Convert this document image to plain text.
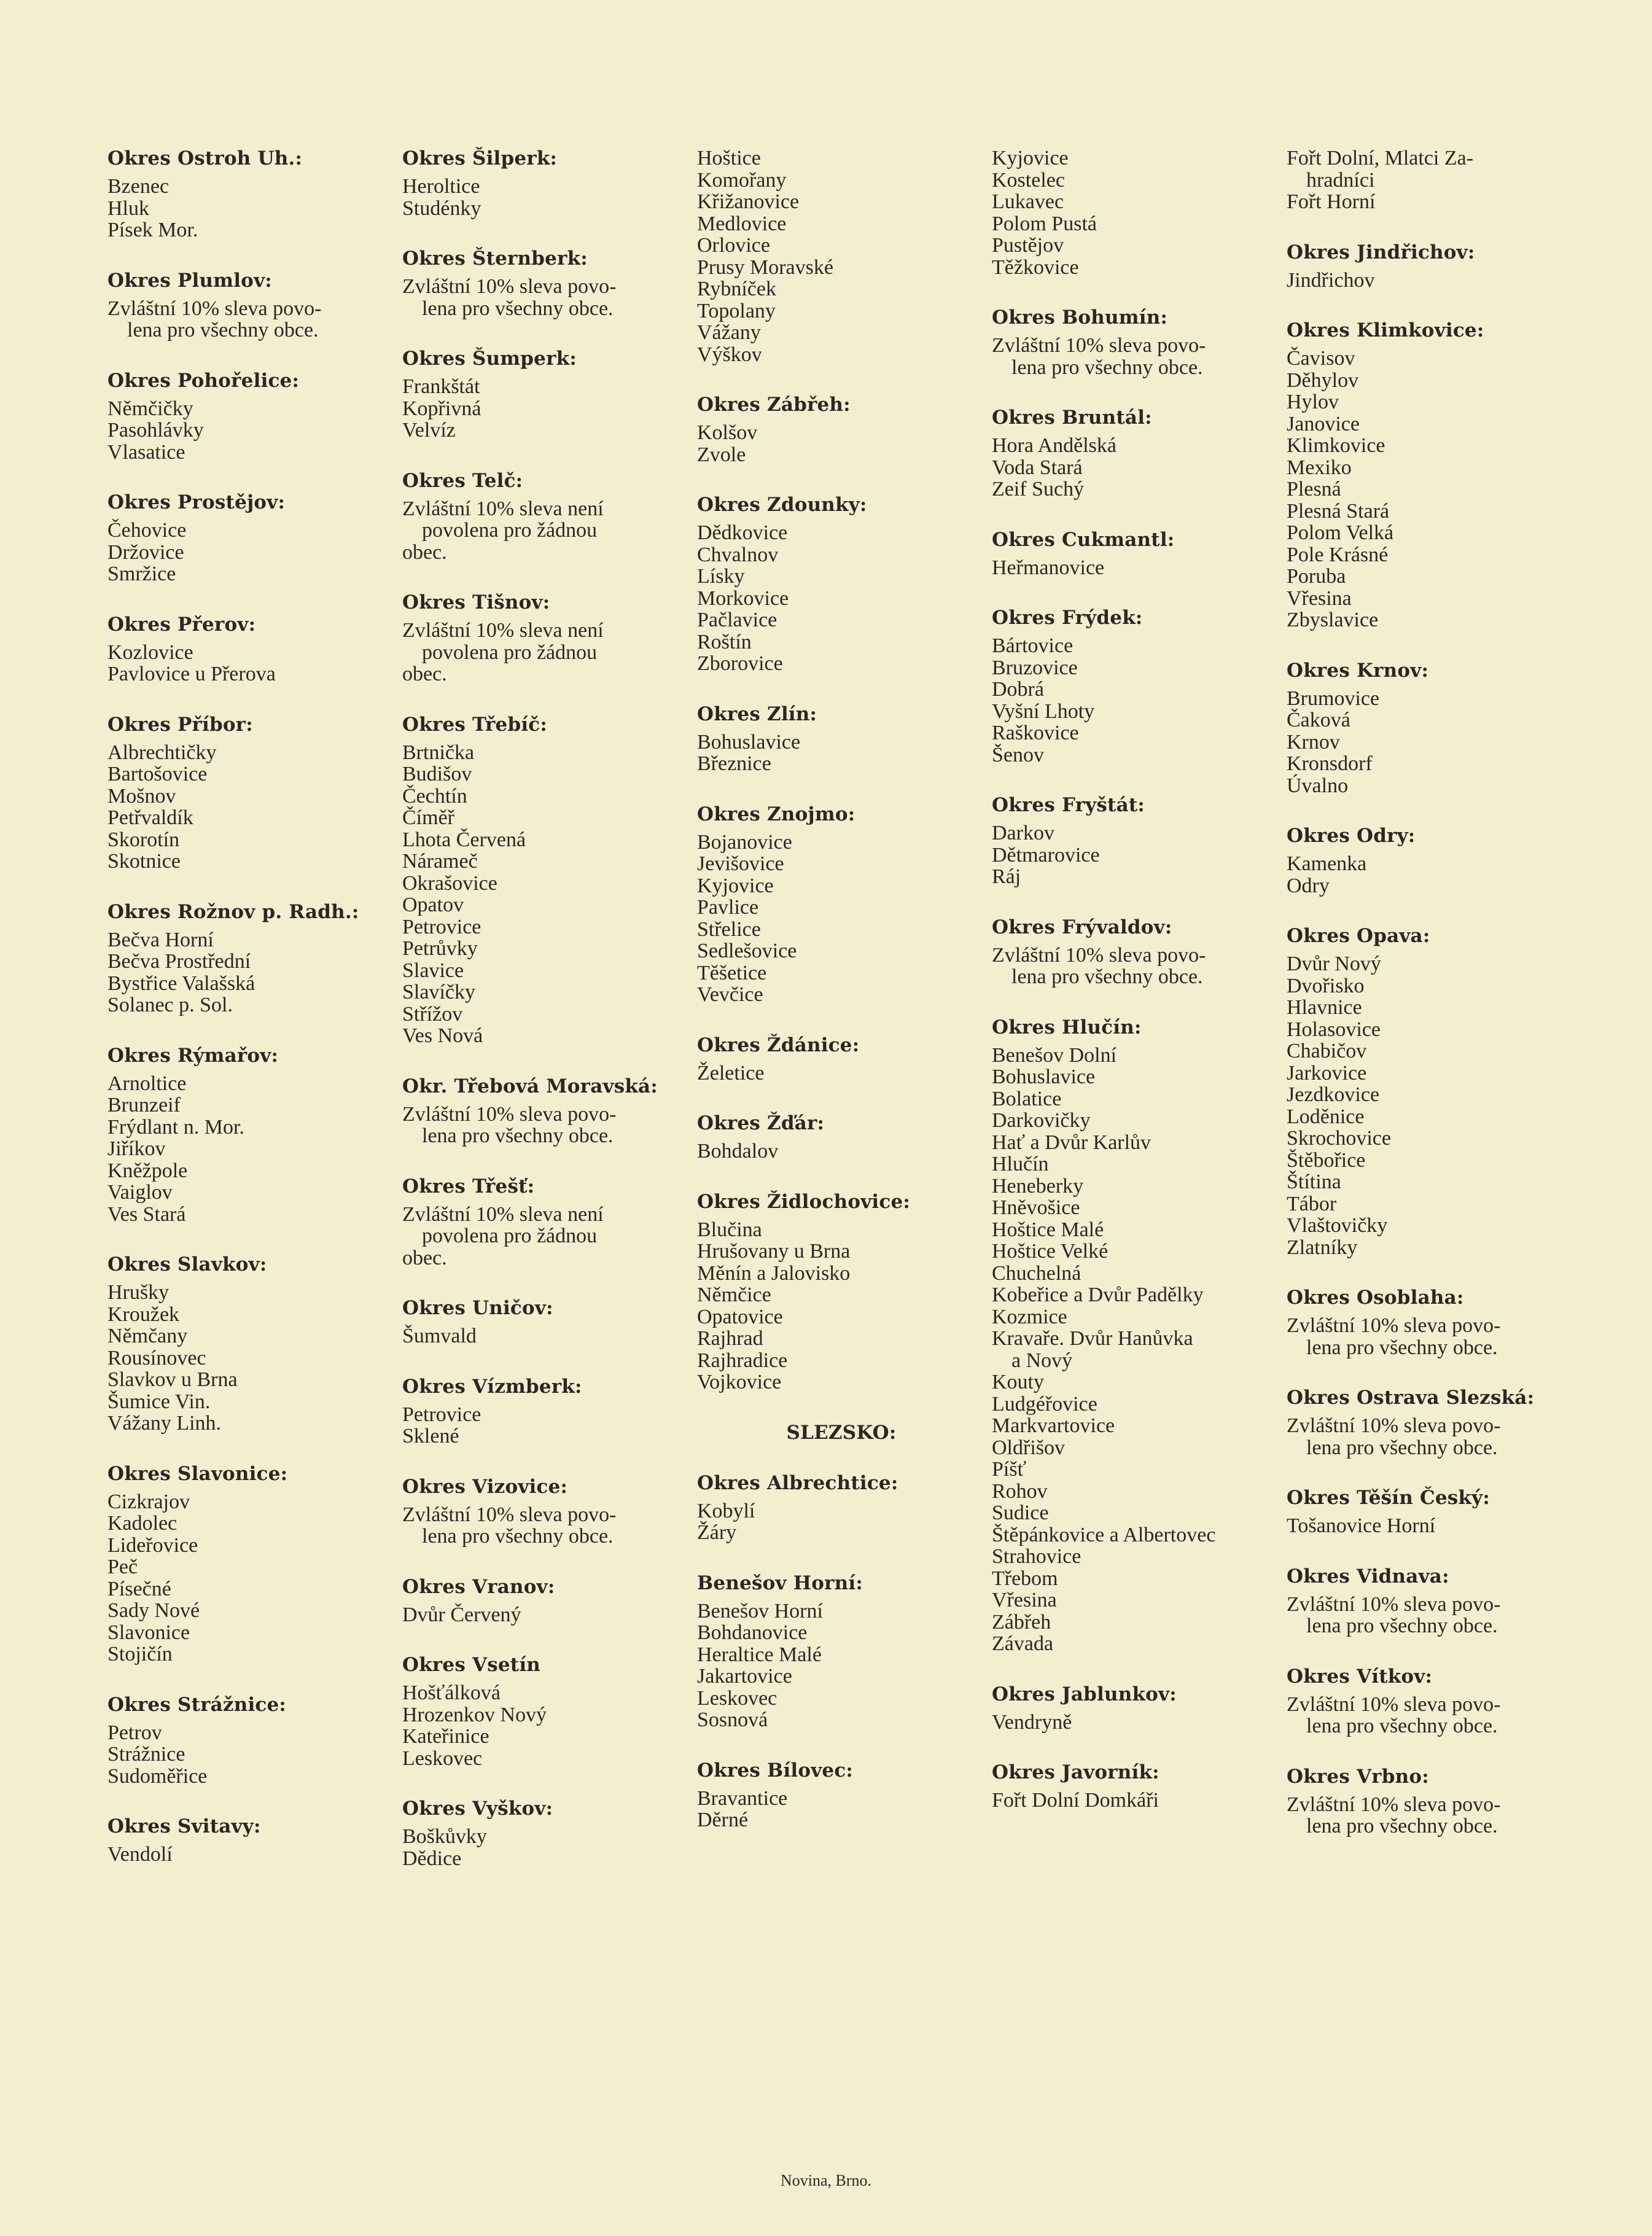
Okres Ostroh Uh.:
Bzenec
Hluk
Písek Mor.
Okres Plumlov:
Zvláštní 10% sleva povo-
lena pro všechny obce.
Okres Pohořelice:
Němčičky
Pasohlávky
Vlasatice
Okres Prostějov:
Čehovice
Držovice
Smržice
Okres Přerov:
Kozlovice
Pavlovice u Přerova
Okres Příbor:
Albrechtičky
Bartošovice
Mošnov
Petřvaldík
Skorotín
Skotnice
Okres Rožnov p. Radh.:
Bečva Horní
Bečva Prostřední
Bystřice Valašská
Solanec p. Sol.
Okres Rýmařov:
Arnoltice
Brunzeif
Frýdlant n. Mor.
Jiříkov
Kněžpole
Vaiglov
Ves Stará
Okres Slavkov:
Hrušky
Kroužek
Němčany
Rousínovec
Slavkov u Brna
Šumice Vin.
Vážany Linh.
Okres Slavonice:
Cizkrajov
Kadolec
Lideřovice
Peč
Písečné
Sady Nové
Slavonice
Stojičín
Okres Strážnice:
Petrov
Strážnice
Sudoměřice
Okres Svitavy:
Vendolí
Okres Šilperk:
Heroltice
Studénky
Okres Šternberk:
Zvláštní 10% sleva povo-
lena pro všechny obce.
Okres Šumperk:
Frankštát
Kopřivná
Velvíz
Okres Telč:
Zvláštní 10% sleva není
povolena pro žádnou
obec.
Okres Tišnov:
Zvláštní 10% sleva není
povolena pro žádnou
obec.
Okres Třebíč:
Brtnička
Budišov
Čechtín
Číměř
Lhota Červená
Nárameč
Okrašovice
Opatov
Petrovice
Petrůvky
Slavice
Slavíčky
Střížov
Ves Nová
Okr. Třebová Moravská:
Zvláštní 10% sleva povo-
lena pro všechny obce.
Okres Třešť:
Zvláštní 10% sleva není
povolena pro žádnou
obec.
Okres Uničov:
Šumvald
Okres Vízmberk:
Petrovice
Sklené
Okres Vizovice:
Zvláštní 10% sleva povo-
lena pro všechny obce.
Okres Vranov:
Dvůr Červený
Okres Vsetín
Hošťálková
Hrozenkov Nový
Kateřinice
Leskovec
Okres Vyškov:
Boškůvky
Dědice
Hoštice
Komořany
Křižanovice
Medlovice
Orlovice
Prusy Moravské
Rybníček
Topolany
Vážany
Výškov
Okres Zábřeh:
Kolšov
Zvole
Okres Zdounky:
Dědkovice
Chvalnov
Lísky
Morkovice
Pačlavice
Roštín
Zborovice
Okres Zlín:
Bohuslavice
Březnice
Okres Znojmo:
Bojanovice
Jevišovice
Kyjovice
Pavlice
Střelice
Sedlešovice
Těšetice
Vevčice
Okres Ždánice:
Želetice
Okres Žďár:
Bohdalov
Okres Židlochovice:
Blučina
Hrušovany u Brna
Měnín a Jalovisko
Němčice
Opatovice
Rajhrad
Rajhradice
Vojkovice
SLEZSKO:
Okres Albrechtice:
Kobylí
Žáry
Benešov Horní:
Benešov Horní
Bohdanovice
Heraltice Malé
Jakartovice
Leskovec
Sosnová
Okres Bílovec:
Bravantice
Děrné
Kyjovice
Kostelec
Lukavec
Polom Pustá
Pustějov
Těžkovice
Okres Bohumín:
Zvláštní 10% sleva povo-
lena pro všechny obce.
Okres Bruntál:
Hora Andělská
Voda Stará
Zeif Suchý
Okres Cukmantl:
Heřmanovice
Okres Frýdek:
Bártovice
Bruzovice
Dobrá
Vyšní Lhoty
Raškovice
Šenov
Okres Fryštát:
Darkov
Dětmarovice
Ráj
Okres Frývaldov:
Zvláštní 10% sleva povo-
lena pro všechny obce.
Okres Hlučín:
Benešov Dolní
Bohuslavice
Bolatice
Darkovičky
Hať a Dvůr Karlův
Hlučín
Heneberky
Hněvošice
Hoštice Malé
Hoštice Velké
Chuchelná
Kobeřice a Dvůr Padělky
Kozmice
Kravaře. Dvůr Hanůvka
a Nový
Kouty
Ludgéřovice
Markvartovice
Oldřišov
Píšť
Rohov
Sudice
Štěpánkovice a Albertovec
Strahovice
Třebom
Vřesina
Zábřeh
Závada
Okres Jablunkov:
Vendryně
Okres Javorník:
Fořt Dolní Domkáři
Fořt Dolní, Mlatci Za-
hradníci
Fořt Horní
Okres Jindřichov:
Jindřichov
Okres Klimkovice:
Čavisov
Děhylov
Hylov
Janovice
Klimkovice
Mexiko
Plesná
Plesná Stará
Polom Velká
Pole Krásné
Poruba
Vřesina
Zbyslavice
Okres Krnov:
Brumovice
Čaková
Krnov
Kronsdorf
Úvalno
Okres Odry:
Kamenka
Odry
Okres Opava:
Dvůr Nový
Dvořisko
Hlavnice
Holasovice
Chabičov
Jarkovice
Jezdkovice
Loděnice
Skrochovice
Štěbořice
Štítina
Tábor
Vlaštovičky
Zlatníky
Okres Osoblaha:
Zvláštní 10% sleva povo-
lena pro všechny obce.
Okres Ostrava Slezská:
Zvláštní 10% sleva povo-
lena pro všechny obce.
Okres Těšín Český:
Tošanovice Horní
Okres Vidnava:
Zvláštní 10% sleva povo-
lena pro všechny obce.
Okres Vítkov:
Zvláštní 10% sleva povo-
lena pro všechny obce.
Okres Vrbno:
Zvláštní 10% sleva povo-
lena pro všechny obce.
Novina, Brno.
